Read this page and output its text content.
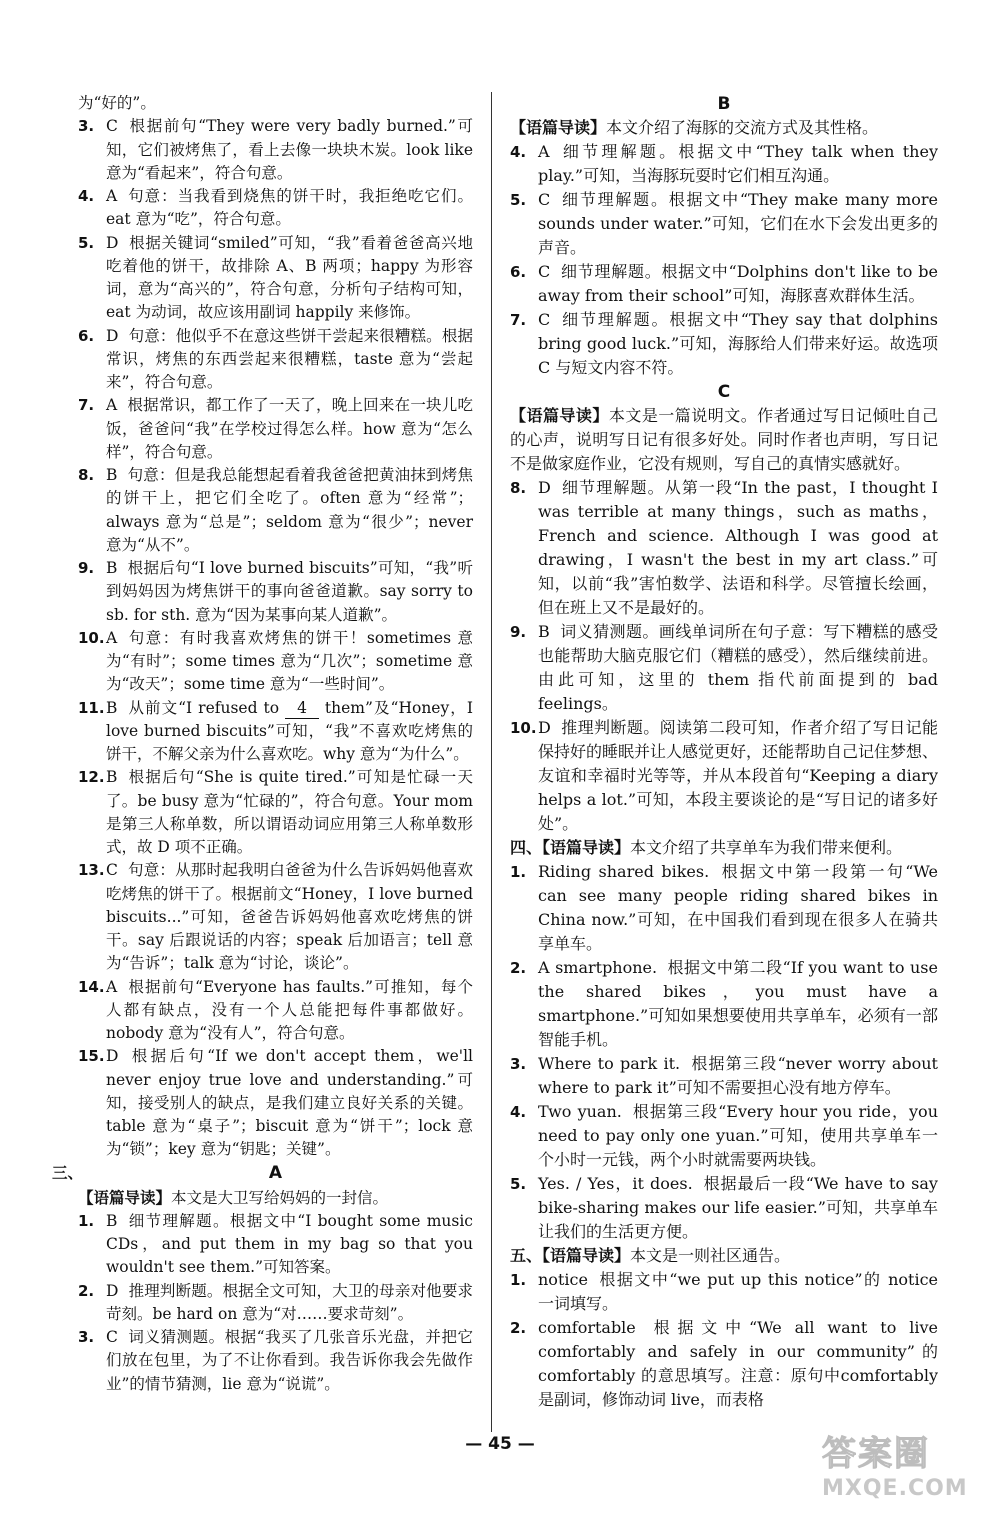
为“好的”。
3. C 根据前句“They were very badly burned.”可知，它们被烤焦了，看上去像一块块木炭。look like 意为“看起来”，符合句意。
4. A 句意：当我看到烧焦的饼干时，我拒绝吃它们。eat 意为“吃”，符合句意。
5. D 根据关键词“smiled”可知，“我”看着爸爸高兴地吃着他的饼干，故排除 A、B 两项；happy 为形容词，意为“高兴的”，符合句意，分析句子结构可知，eat 为动词，故应该用副词 happily 来修饰。
6. D 句意：他似乎不在意这些饼干尝起来很糟糕。根据常识，烤焦的东西尝起来很糟糕，taste 意为“尝起来”，符合句意。
7. A 根据常识，都工作了一天了，晚上回来在一块儿吃饭，爸爸问“我”在学校过得怎么样。how 意为“怎么样”，符合句意。
8. B 句意：但是我总能想起看着我爸爸把黄油抹到烤焦的饼干上，把它们全吃了。often 意为“经常”；always 意为“总是”；seldom 意为“很少”；never 意为“从不”。
9. B 根据后句“I love burned biscuits”可知，“我”听到妈妈因为烤焦饼干的事向爸爸道歉。say sorry to sb. for sth. 意为“因为某事向某人道歉”。
10. A 句意：有时我喜欢烤焦的饼干！sometimes 意为“有时”；some times 意为“几次”；sometime 意为“改天”；some time 意为“一些时间”。
11. B 从前文“I refused to 4 them”及“Honey，I love burned biscuits”可知，“我”不喜欢吃烤焦的饼干，不解父亲为什么喜欢吃。why 意为“为什么”。
12. B 根据后句“She is quite tired.”可知是忙碌一天了。be busy 意为“忙碌的”，符合句意。Your mom 是第三人称单数，所以谓语动词应用第三人称单数形式，故 D 项不正确。
13. C 句意：从那时起我明白爸爸为什么告诉妈妈他喜欢吃烤焦的饼干了。根据前文“Honey，I love burned biscuits...”可知，爸爸告诉妈妈他喜欢吃烤焦的饼干。say 后跟说话的内容；speak 后加语言；tell 意为“告诉”；talk 意为“讨论，谈论”。
14. A 根据前句“Everyone has faults.”可推知，每个人都有缺点，没有一个人总能把每件事都做好。nobody 意为“没有人”，符合句意。
15. D 根据后句“If we don't accept them，we'll never enjoy true love and understanding.”可知，接受别人的缺点，是我们建立良好关系的关键。table 意为“桌子”；biscuit 意为“饼干”；lock 意为“锁”；key 意为“钥匙；关键”。
三、	A
【语篇导读】本文是大卫写给妈妈的一封信。
1. B 细节理解题。根据文中“I bought some music CDs，and put them in my bag so that you wouldn't see them.”可知答案。
2. D 推理判断题。根据全文可知，大卫的母亲对他要求苛刻。be hard on 意为“对……要求苛刻”。
3. C 词义猜测题。根据“我买了几张音乐光盘，并把它们放在包里，为了不让你看到。我告诉你我会先做作业”的情节猜测，lie 意为“说谎”。
B
【语篇导读】本文介绍了海豚的交流方式及其性格。
4. A 细节理解题。根据文中“They talk when they play.”可知，当海豚玩耍时它们相互沟通。
5. C 细节理解题。根据文中“They make many more sounds under water.”可知，它们在水下会发出更多的声音。
6. C 细节理解题。根据文中“Dolphins don't like to be away from their school”可知，海豚喜欢群体生活。
7. C 细节理解题。根据文中“They say that dolphins bring good luck.”可知，海豚给人们带来好运。故选项 C 与短文内容不符。
C
【语篇导读】本文是一篇说明文。作者通过写日记倾吐自己的心声，说明写日记有很多好处。同时作者也声明，写日记不是做家庭作业，它没有规则，写自己的真情实感就好。
8. D 细节理解题。从第一段“In the past，I thought I was terrible at many things，such as maths，French and science. Although I was good at drawing，I wasn't the best in my art class.”可知，以前“我”害怕数学、法语和科学。尽管擅长绘画，但在班上又不是最好的。
9. B 词义猜测题。画线单词所在句子意：写下糟糕的感受也能帮助大脑克服它们（糟糕的感受），然后继续前进。由此可知，这里的 them 指代前面提到的 bad feelings。
10. D 推理判断题。阅读第二段可知，作者介绍了写日记能保持好的睡眠并让人感觉更好，还能帮助自己记住梦想、友谊和幸福时光等等，并从本段首句“Keeping a diary helps a lot.”可知，本段主要谈论的是“写日记的诸多好处”。
四、【语篇导读】本文介绍了共享单车为我们带来便利。
1. Riding shared bikes. 根据文中第一段第一句“We can see many people riding shared bikes in China now.”可知，在中国我们看到现在很多人在骑共享单车。
2. A smartphone. 根据文中第二段“If you want to use the shared bikes，you must have a smartphone.”可知如果想要使用共享单车，必须有一部智能手机。
3. Where to park it. 根据第三段“never worry about where to park it”可知不需要担心没有地方停车。
4. Two yuan. 根据第三段“Every hour you ride，you need to pay only one yuan.”可知，使用共享单车一个小时一元钱，两个小时就需要两块钱。
5. Yes. / Yes，it does. 根据最后一段“We have to say bike-sharing makes our life easier.”可知，共享单车让我们的生活更方便。
五、【语篇导读】本文是一则社区通告。
1. notice 根据文中“we put up this notice”的 notice 一词填写。
2. comfortable 根据文中“We all want to live comfortably and safely in our community”的comfortably 的意思填写。注意：原句中comfortably 是副词，修饰动词 live，而表格
— 45 —	答案圈
MXQE.COM
